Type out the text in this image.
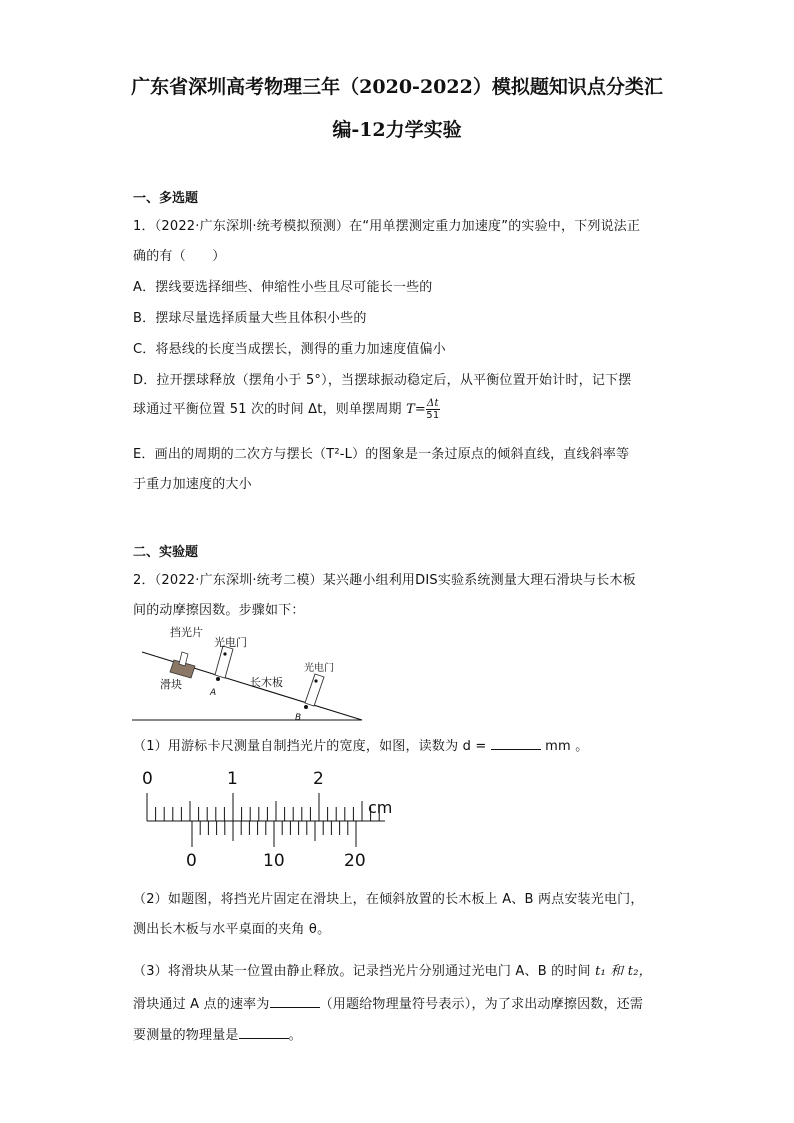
广东省深圳高考物理三年（2020-2022）模拟题知识点分类汇
编-12力学实验
一、多选题
1．（2022·广东深圳·统考模拟预测）在“用单摆测定重力加速度”的实验中，下列说法正
确的有（　　）
A．摆线要选择细些、伸缩性小些且尽可能长一些的
B．摆球尽量选择质量大些且体积小些的
C．将悬线的长度当成摆长，测得的重力加速度值偏小
D．拉开摆球释放（摆角小于 5°），当摆球振动稳定后，从平衡位置开始计时，记下摆
球通过平衡位置 51 次的时间 Δt，则单摆周期 $T= \frac{\Delta t}{51}$
E．画出的周期的二次方与摆长（T²-L）的图象是一条过原点的倾斜直线，直线斜率等
于重力加速度的大小
二、实验题
2．（2022·广东深圳·统考二模）某兴趣小组利用DIS实验系统测量大理石滑块与长木板
间的动摩擦因数。步骤如下：
挡光片
光电门
光电门
滑块	长木板
A
B
（1）用游标卡尺测量自制挡光片的宽度，如图，读数为 d =	mm 。
0	1	2
cm
0	10	20
（2）如题图，将挡光片固定在滑块上，在倾斜放置的长木板上 A、B 两点安装光电门，
测出长木板与水平桌面的夹角 θ。
（3）将滑块从某一位置由静止释放。记录挡光片分别通过光电门 A、B 的时间 t₁ 和 t₂，
滑块通过 A 点的速率为	（用题给物理量符号表示），为了求出动摩擦因数，还需
要测量的物理量是	。
